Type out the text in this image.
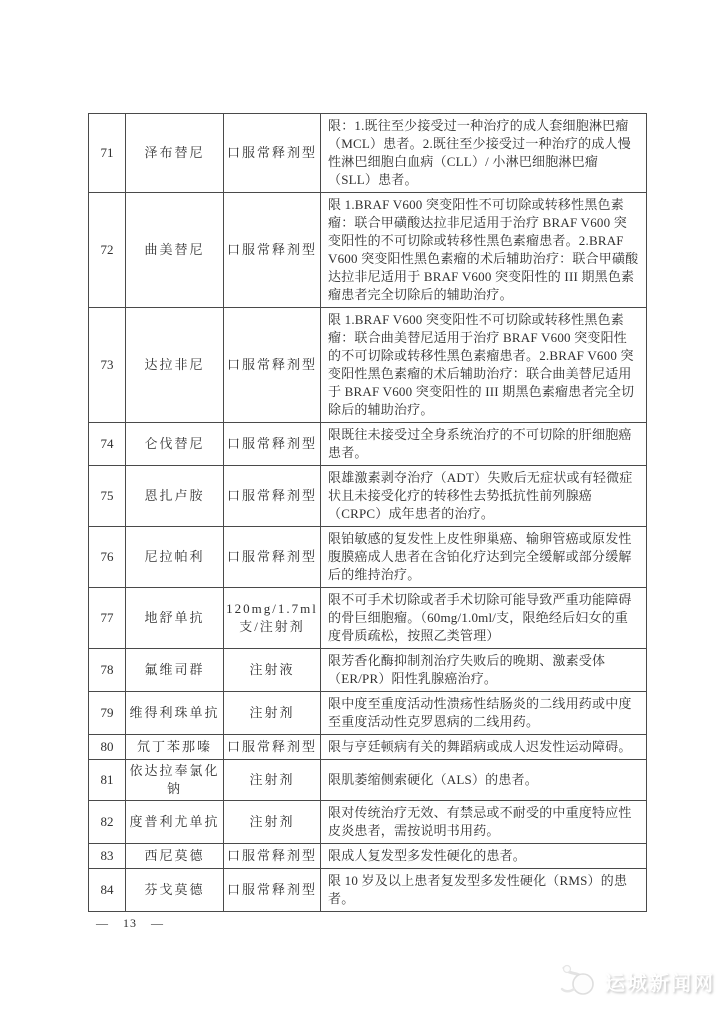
71	泽布替尼	口服常释剂型	限：1.既往至少接受过一种治疗的成人套细胞淋巴瘤（MCL）患者。2.既往至少接受过一种治疗的成人慢性淋巴细胞白血病（CLL）/ 小淋巴细胞淋巴瘤（SLL）患者。
72	曲美替尼	口服常释剂型	限 1.BRAF V600 突变阳性不可切除或转移性黑色素瘤：联合甲磺酸达拉非尼适用于治疗 BRAF V600 突变阳性的不可切除或转移性黑色素瘤患者。2.BRAF V600 突变阳性黑色素瘤的术后辅助治疗：联合甲磺酸达拉非尼适用于 BRAF V600 突变阳性的 III 期黑色素瘤患者完全切除后的辅助治疗。
73	达拉非尼	口服常释剂型	限 1.BRAF V600 突变阳性不可切除或转移性黑色素瘤：联合曲美替尼适用于治疗 BRAF V600 突变阳性的不可切除或转移性黑色素瘤患者。2.BRAF V600 突变阳性黑色素瘤的术后辅助治疗：联合曲美替尼适用于 BRAF V600 突变阳性的 III 期黑色素瘤患者完全切除后的辅助治疗。
74	仑伐替尼	口服常释剂型	限既往未接受过全身系统治疗的不可切除的肝细胞癌患者。
75	恩扎卢胺	口服常释剂型	限雄激素剥夺治疗（ADT）失败后无症状或有轻微症状且未接受化疗的转移性去势抵抗性前列腺癌（CRPC）成年患者的治疗。
76	尼拉帕利	口服常释剂型	限铂敏感的复发性上皮性卵巢癌、输卵管癌或原发性腹膜癌成人患者在含铂化疗达到完全缓解或部分缓解后的维持治疗。
77	地舒单抗	120mg/1.7ml 支/注射剂	限不可手术切除或者手术切除可能导致严重功能障碍的骨巨细胞瘤。（60mg/1.0ml/支，限绝经后妇女的重度骨质疏松，按照乙类管理）
78	氟维司群	注射液	限芳香化酶抑制剂治疗失败后的晚期、激素受体（ER/PR）阳性乳腺癌治疗。
79	维得利珠单抗	注射剂	限中度至重度活动性溃疡性结肠炎的二线用药或中度至重度活动性克罗恩病的二线用药。
80	氘丁苯那嗪	口服常释剂型	限与亨廷顿病有关的舞蹈病或成人迟发性运动障碍。
81	依达拉奉氯化钠	注射剂	限肌萎缩侧索硬化（ALS）的患者。
82	度普利尤单抗	注射剂	限对传统治疗无效、有禁忌或不耐受的中重度特应性皮炎患者，需按说明书用药。
83	西尼莫德	口服常释剂型	限成人复发型多发性硬化的患者。
84	芬戈莫德	口服常释剂型	限 10 岁及以上患者复发型多发性硬化（RMS）的患者。
— 13 —
运城新闻网
